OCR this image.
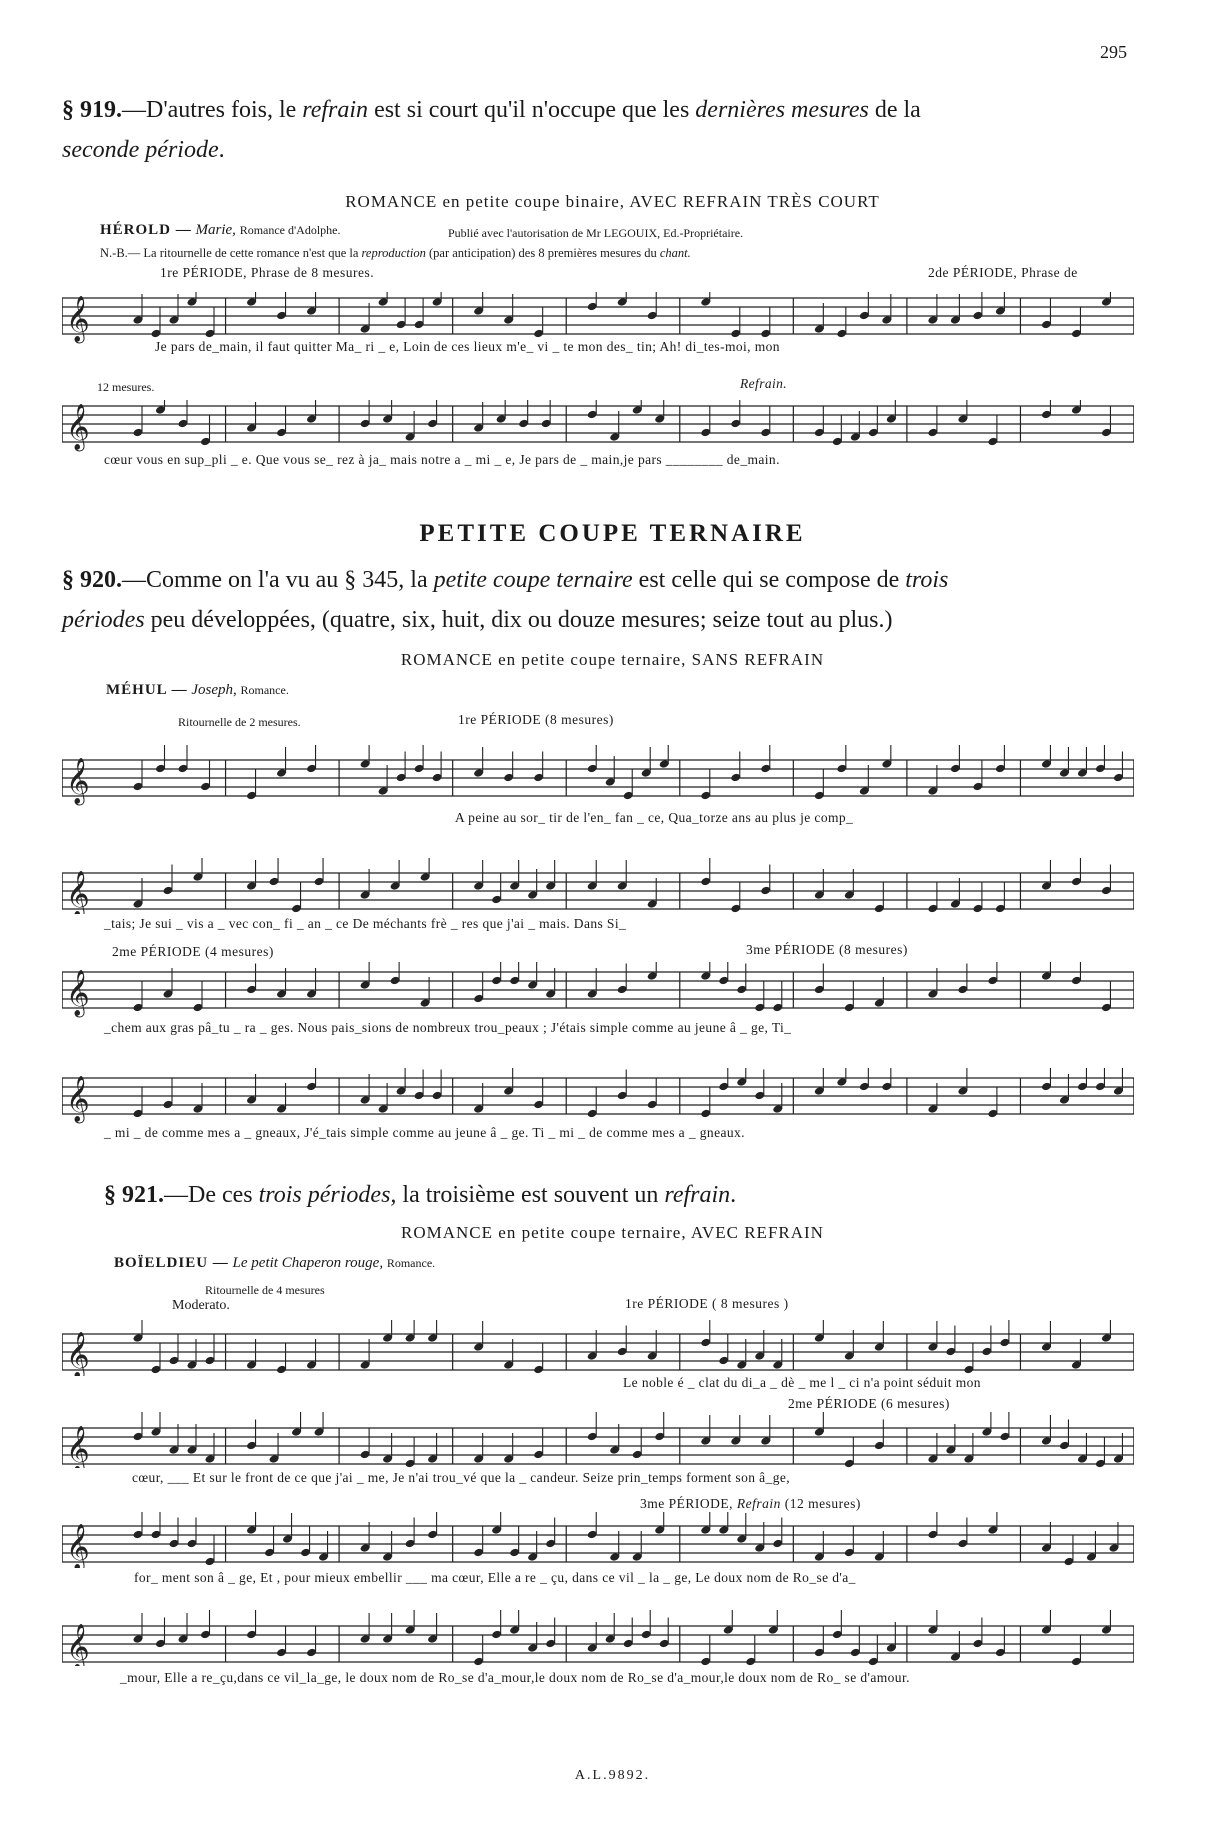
295
§ 919.—D'autres fois, le refrain est si court qu'il n'occupe que les dernières mesures de la
seconde période.
ROMANCE en petite coupe binaire, AVEC REFRAIN TRÈS COURT
HÉROLD — Marie, Romance d'Adolphe.	Publié avec l'autorisation de Mr LEGOUIX, Ed.-Propriétaire.
N.-B.— La ritournelle de cette romance n'est que la reproduction (par anticipation) des 8 premières mesures du chant.
1re PÉRIODE, Phrase de 8 mesures.	2de PÉRIODE, Phrase de
Je pars de_main, il faut quitter Ma_ ri _ e, Loin de ces lieux m'e_ vi _ te mon des_ tin; Ah! di_tes-moi, mon
12 mesures.	Refrain.
cœur vous en sup_pli _ e. Que vous se_ rez à ja_ mais notre a _ mi _ e, Je pars de _ main,je pars ________ de_main.
PETITE COUPE TERNAIRE
§ 920.—Comme on l'a vu au § 345, la petite coupe ternaire est celle qui se compose de trois
périodes peu développées, (quatre, six, huit, dix ou douze mesures; seize tout au plus.)
ROMANCE en petite coupe ternaire, SANS REFRAIN
MÉHUL — Joseph, Romance.
Ritournelle de 2 mesures.	1re PÉRIODE (8 mesures)
A peine au sor_ tir de l'en_ fan _ ce, Qua_torze ans au plus je comp_
_tais; Je sui _ vis a _ vec con_ fi _ an _ ce De méchants frè _ res que j'ai _ mais. Dans Si_
2me PÉRIODE (4 mesures)	3me PÉRIODE (8 mesures)
_chem aux gras pâ_tu _ ra _ ges. Nous pais_sions de nombreux trou_peaux ; J'étais simple comme au jeune â _ ge, Ti_
_ mi _ de comme mes a _ gneaux, J'é_tais simple comme au jeune â _ ge. Ti _ mi _ de comme mes a _ gneaux.
§ 921.—De ces trois périodes, la troisième est souvent un refrain.
ROMANCE en petite coupe ternaire, AVEC REFRAIN
BOÏELDIEU — Le petit Chaperon rouge, Romance.
Ritournelle de 4 mesures
Moderato.	1re PÉRIODE ( 8 mesures )
Le noble é _ clat du di_a _ dè _ me l _ ci n'a point séduit mon
2me PÉRIODE (6 mesures)
cœur, ___ Et sur le front de ce que j'ai _ me, Je n'ai trou_vé que la _ candeur. Seize prin_temps forment son â_ge,
3me PÉRIODE, Refrain (12 mesures)
for_ ment son â _ ge, Et , pour mieux embellir ___ ma cœur, Elle a re _ çu, dans ce vil _ la _ ge, Le doux nom de Ro_se d'a_
_mour, Elle a re_çu,dans ce vil_la_ge, le doux nom de Ro_se d'a_mour,le doux nom de Ro_se d'a_mour,le doux nom de Ro_ se d'amour.
A.L.9892.
